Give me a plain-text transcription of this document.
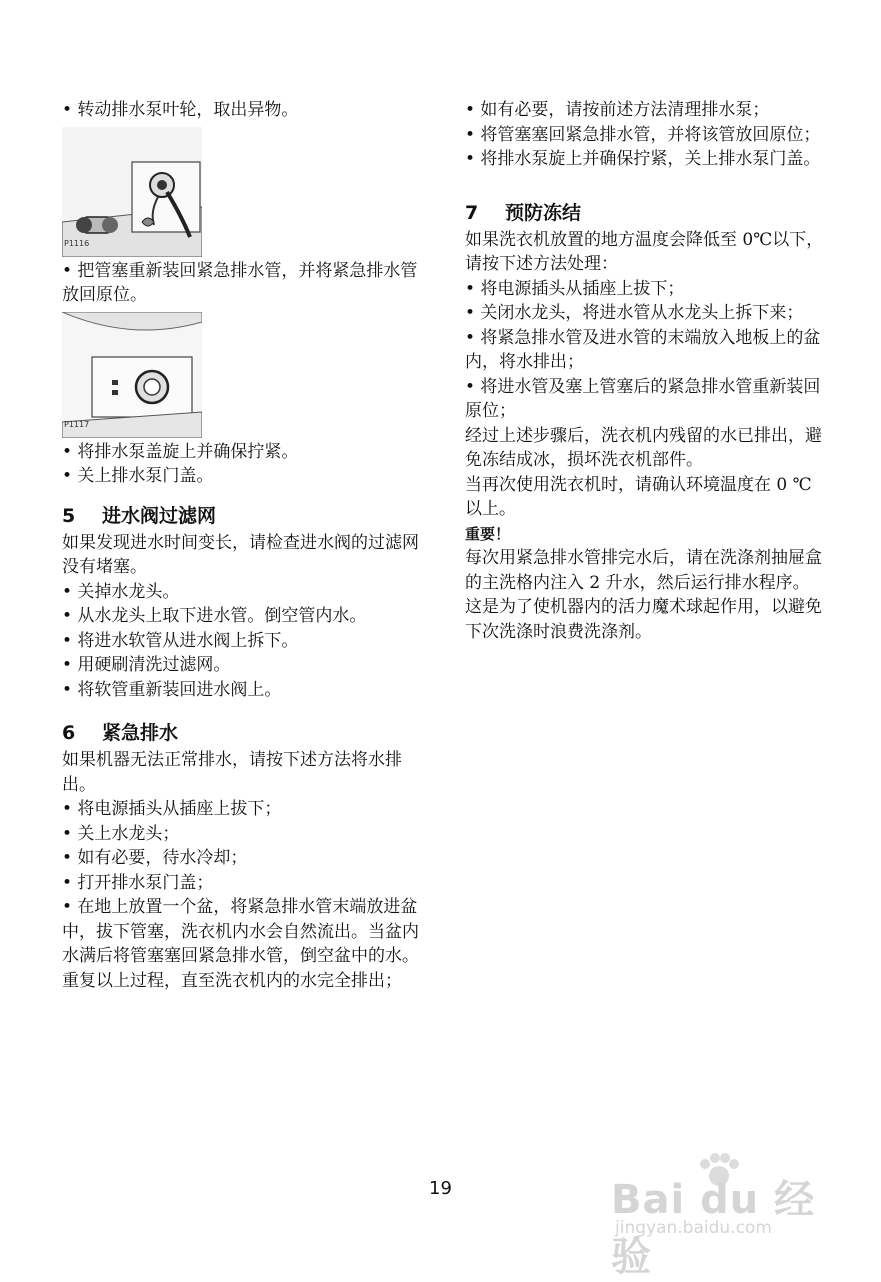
• 转动排水泵叶轮，取出异物。

P1116

• 把管塞重新装回紧急排水管，并将紧急排水管放回原位。

P1117

• 将排水泵盖旋上并确保拧紧。

• 关上排水泵门盖。

5	进水阀过滤网

如果发现进水时间变长，请检查进水阀的过滤网没有堵塞。

• 关掉水龙头。

• 从水龙头上取下进水管。倒空管内水。

• 将进水软管从进水阀上拆下。

• 用硬刷清洗过滤网。

• 将软管重新装回进水阀上。

6	紧急排水

如果机器无法正常排水，请按下述方法将水排出。

• 将电源插头从插座上拔下；

• 关上水龙头；

• 如有必要，待水冷却；

• 打开排水泵门盖；

• 在地上放置一个盆，将紧急排水管末端放进盆中，拔下管塞，洗衣机内水会自然流出。当盆内水满后将管塞塞回紧急排水管，倒空盆中的水。重复以上过程，直至洗衣机内的水完全排出；

• 如有必要，请按前述方法清理排水泵；

• 将管塞塞回紧急排水管，并将该管放回原位；

• 将排水泵旋上并确保拧紧，关上排水泵门盖。

7	预防冻结

如果洗衣机放置的地方温度会降低至 0℃以下，请按下述方法处理：

• 将电源插头从插座上拔下；

• 关闭水龙头，将进水管从水龙头上拆下来；

• 将紧急排水管及进水管的末端放入地板上的盆内，将水排出；

• 将进水管及塞上管塞后的紧急排水管重新装回原位；

经过上述步骤后，洗衣机内残留的水已排出，避免冻结成冰，损坏洗衣机部件。

当再次使用洗衣机时，请确认环境温度在 0 ℃以上。

重要！

每次用紧急排水管排完水后，请在洗涤剂抽屉盒的主洗格内注入 2 升水，然后运行排水程序。这是为了使机器内的活力魔术球起作用，以避免下次洗涤时浪费洗涤剂。

19	Bai du 经验
jingyan.baidu.com
